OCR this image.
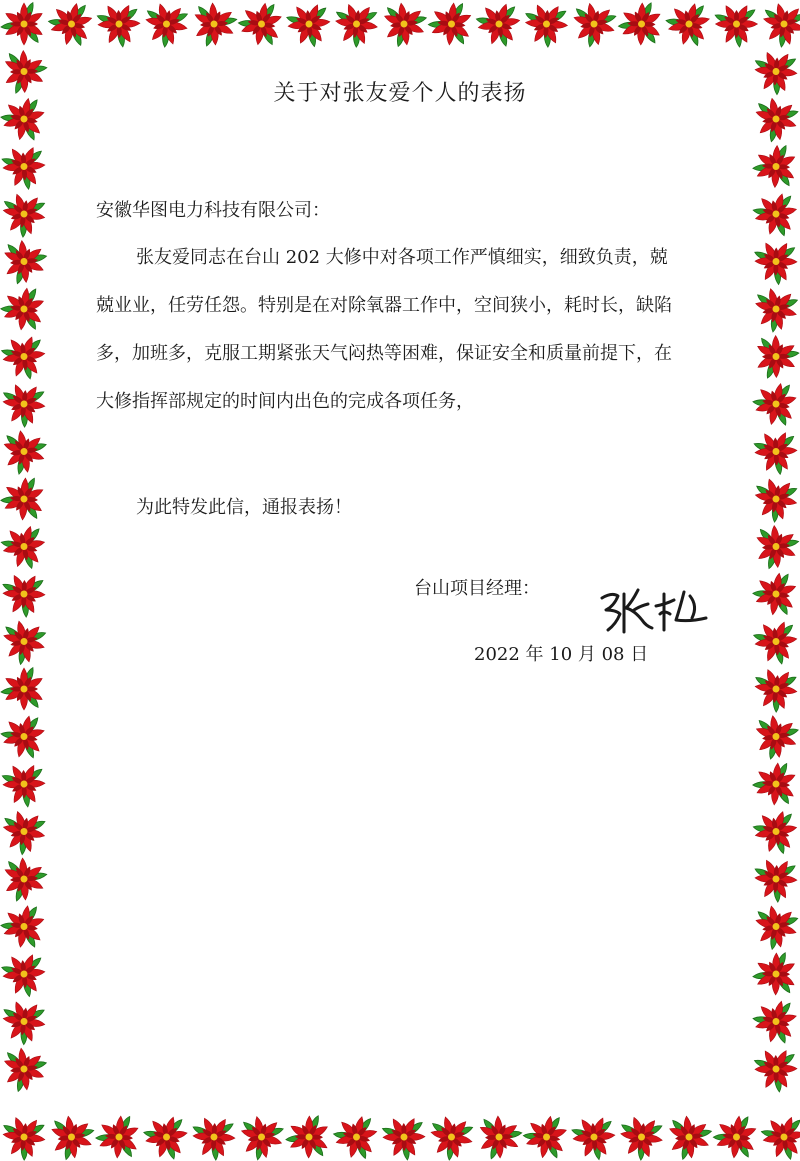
关于对张友爱个人的表扬
安徽华图电力科技有限公司：
张友爱同志在台山 202 大修中对各项工作严慎细实，细致负责，兢兢业业，任劳任怨。特别是在对除氧器工作中，空间狭小，耗时长，缺陷多，加班多，克服工期紧张天气闷热等困难，保证安全和质量前提下，在大修指挥部规定的时间内出色的完成各项任务，
为此特发此信，通报表扬！
台山项目经理：
2022 年 10 月 08 日
